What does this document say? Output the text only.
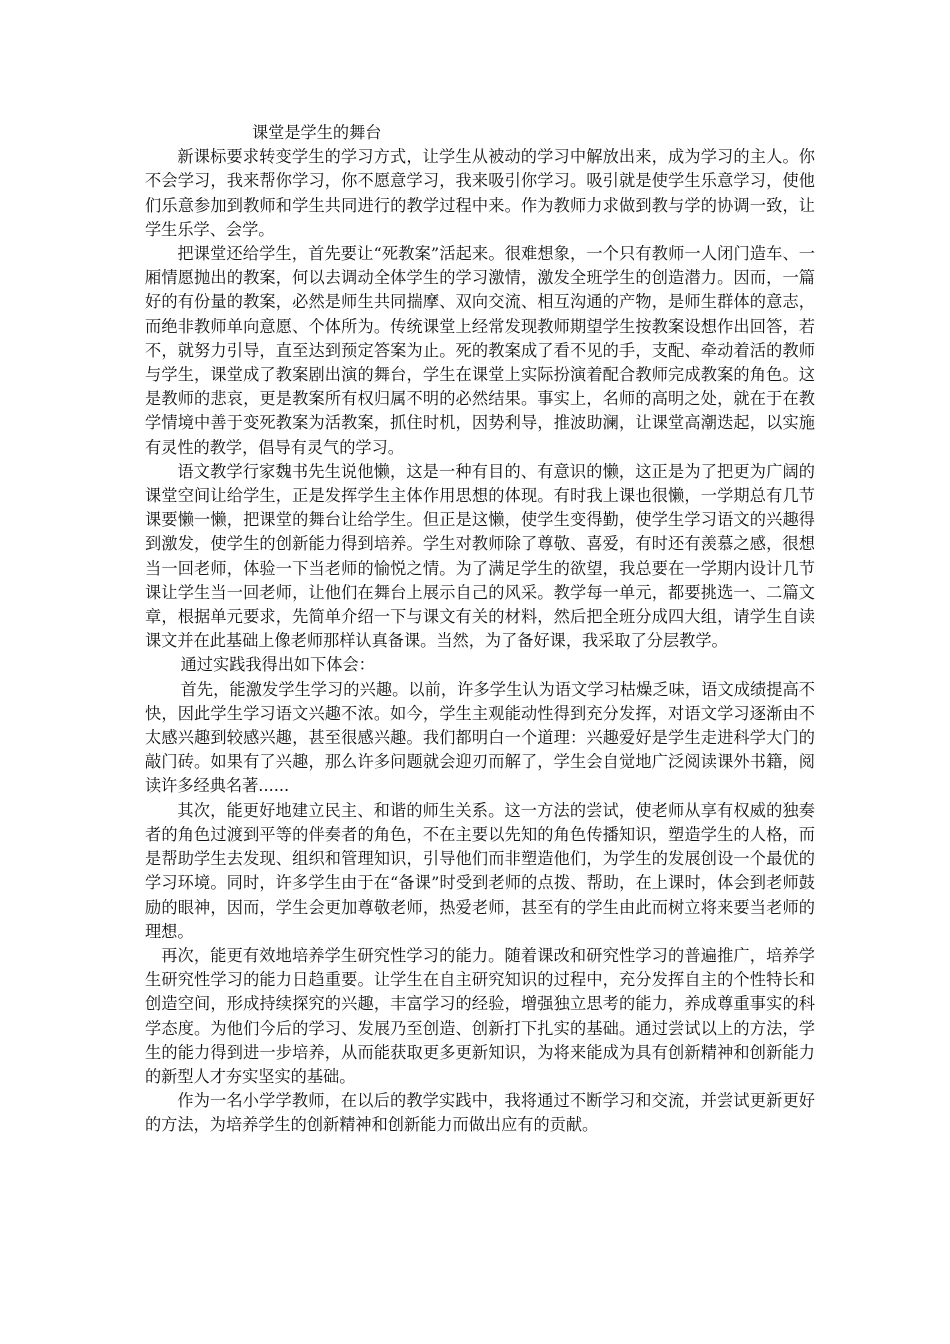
课堂是学生的舞台

新课标要求转变学生的学习方式，让学生从被动的学习中解放出来，成为学习的主人。你不会学习，我来帮你学习，你不愿意学习，我来吸引你学习。吸引就是使学生乐意学习，使他们乐意参加到教师和学生共同进行的教学过程中来。作为教师力求做到教与学的协调一致，让学生乐学、会学。

把课堂还给学生，首先要让“死教案”活起来。很难想象，一个只有教师一人闭门造车、一厢情愿抛出的教案，何以去调动全体学生的学习激情，激发全班学生的创造潜力。因而，一篇好的有份量的教案，必然是师生共同揣摩、双向交流、相互沟通的产物，是师生群体的意志，而绝非教师单向意愿、个体所为。传统课堂上经常发现教师期望学生按教案设想作出回答，若不，就努力引导，直至达到预定答案为止。死的教案成了看不见的手，支配、牵动着活的教师与学生，课堂成了教案剧出演的舞台，学生在课堂上实际扮演着配合教师完成教案的角色。这是教师的悲哀，更是教案所有权归属不明的必然结果。事实上，名师的高明之处，就在于在教学情境中善于变死教案为活教案，抓住时机，因势利导，推波助澜，让课堂高潮迭起，以实施有灵性的教学，倡导有灵气的学习。

语文教学行家魏书先生说他懒，这是一种有目的、有意识的懒，这正是为了把更为广阔的课堂空间让给学生，正是发挥学生主体作用思想的体现。有时我上课也很懒，一学期总有几节课要懒一懒，把课堂的舞台让给学生。但正是这懒，使学生变得勤，使学生学习语文的兴趣得到激发，使学生的创新能力得到培养。学生对教师除了尊敬、喜爱，有时还有羡慕之感，很想当一回老师，体验一下当老师的愉悦之情。为了满足学生的欲望，我总要在一学期内设计几节课让学生当一回老师，让他们在舞台上展示自己的风采。教学每一单元，都要挑选一、二篇文章，根据单元要求，先简单介绍一下与课文有关的材料，然后把全班分成四大组，请学生自读课文并在此基础上像老师那样认真备课。当然，为了备好课，我采取了分层教学。

通过实践我得出如下体会：

首先，能激发学生学习的兴趣。以前，许多学生认为语文学习枯燥乏味，语文成绩提高不快，因此学生学习语文兴趣不浓。如今，学生主观能动性得到充分发挥，对语文学习逐渐由不太感兴趣到较感兴趣，甚至很感兴趣。我们都明白一个道理：兴趣爱好是学生走进科学大门的敲门砖。如果有了兴趣，那么许多问题就会迎刃而解了，学生会自觉地广泛阅读课外书籍，阅读许多经典名著......

其次，能更好地建立民主、和谐的师生关系。这一方法的尝试，使老师从享有权威的独奏者的角色过渡到平等的伴奏者的角色，不在主要以先知的角色传播知识，塑造学生的人格，而是帮助学生去发现、组织和管理知识，引导他们而非塑造他们，为学生的发展创设一个最优的学习环境。同时，许多学生由于在“备课”时受到老师的点拨、帮助，在上课时，体会到老师鼓励的眼神，因而，学生会更加尊敬老师，热爱老师，甚至有的学生由此而树立将来要当老师的理想。

再次，能更有效地培养学生研究性学习的能力。随着课改和研究性学习的普遍推广，培养学生研究性学习的能力日趋重要。让学生在自主研究知识的过程中，充分发挥自主的个性特长和创造空间，形成持续探究的兴趣，丰富学习的经验，增强独立思考的能力，养成尊重事实的科学态度。为他们今后的学习、发展乃至创造、创新打下扎实的基础。通过尝试以上的方法，学生的能力得到进一步培养，从而能获取更多更新知识，为将来能成为具有创新精神和创新能力的新型人才夯实坚实的基础。

作为一名小学学教师，在以后的教学实践中，我将通过不断学习和交流，并尝试更新更好的方法，为培养学生的创新精神和创新能力而做出应有的贡献。
